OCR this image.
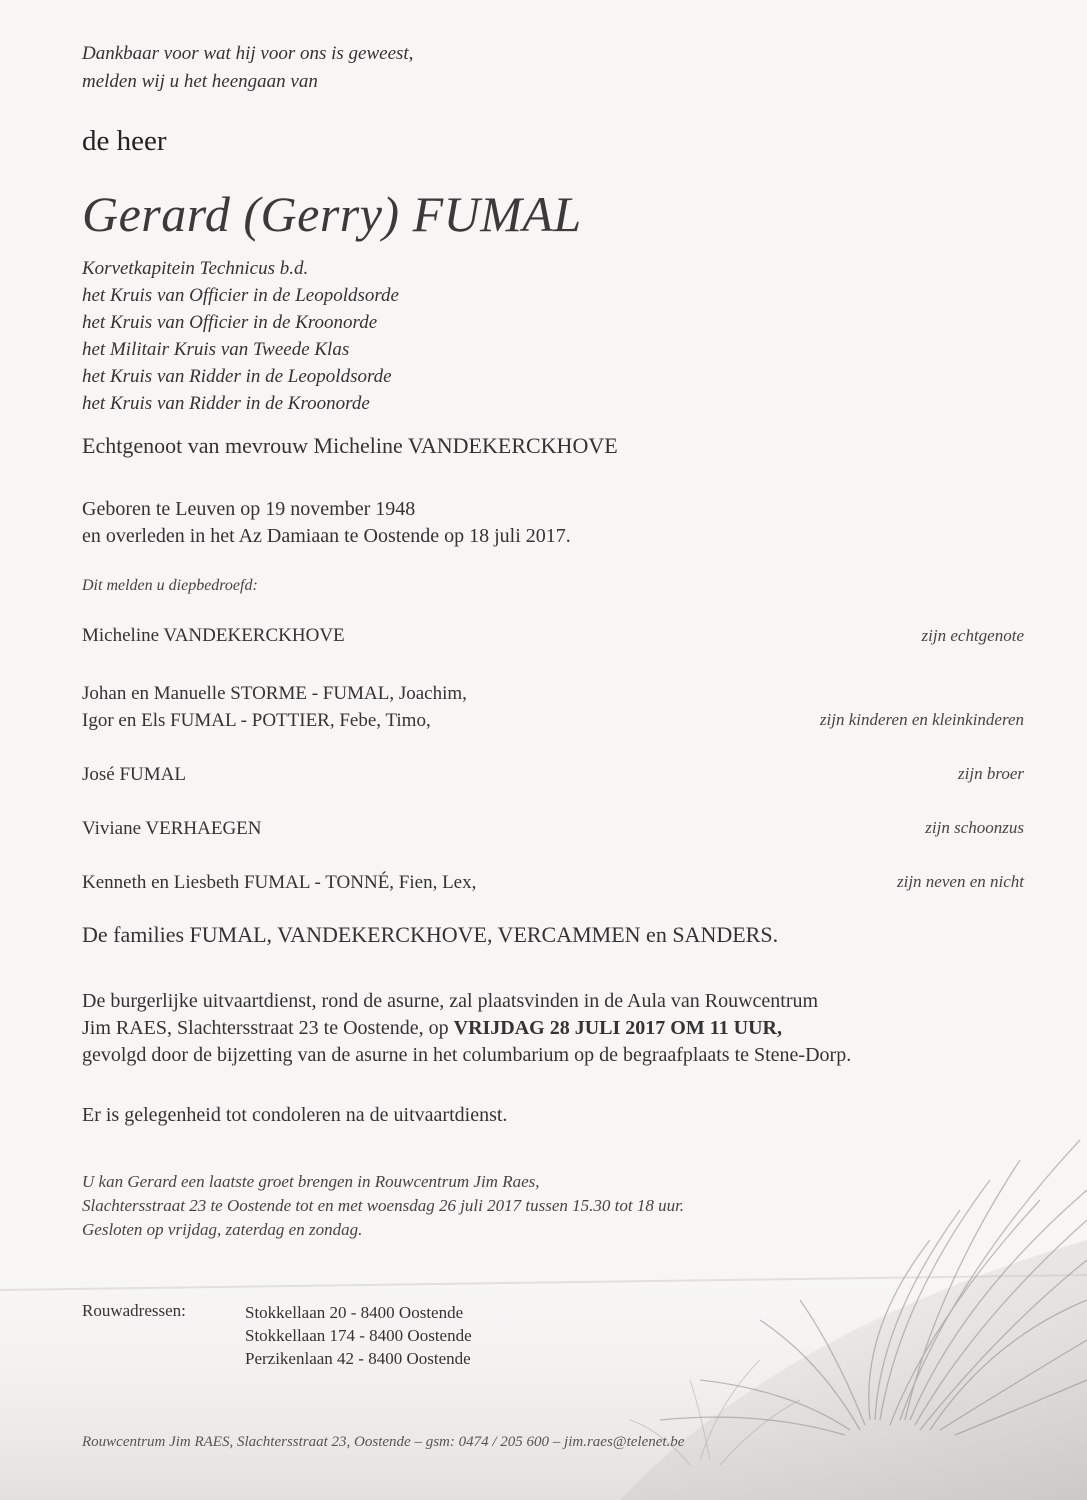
Dankbaar voor wat hij voor ons is geweest,
melden wij u het heengaan van
de heer
Gerard (Gerry) FUMAL
Korvetkapitein Technicus b.d.
het Kruis van Officier in de Leopoldsorde
het Kruis van Officier in de Kroonorde
het Militair Kruis van Tweede Klas
het Kruis van Ridder in de Leopoldsorde
het Kruis van Ridder in de Kroonorde
Echtgenoot van mevrouw Micheline VANDEKERCKHOVE
Geboren te Leuven op 19 november 1948
en overleden in het Az Damiaan te Oostende op 18 juli 2017.
Dit melden u diepbedroefd:
Micheline VANDEKERCKHOVE	zijn echtgenote
Johan en Manuelle STORME - FUMAL, Joachim,
Igor en Els FUMAL - POTTIER, Febe, Timo,	zijn kinderen en kleinkinderen
José FUMAL	zijn broer
Viviane VERHAEGEN	zijn schoonzus
Kenneth en Liesbeth FUMAL - TONNÉ, Fien, Lex,	zijn neven en nicht
De families FUMAL, VANDEKERCKHOVE, VERCAMMEN en SANDERS.
De burgerlijke uitvaartdienst, rond de asurne, zal plaatsvinden in de Aula van Rouwcentrum
Jim RAES, Slachtersstraat 23 te Oostende, op VRIJDAG 28 JULI 2017 OM 11 UUR,
gevolgd door de bijzetting van de asurne in het columbarium op de begraafplaats te Stene-Dorp.
Er is gelegenheid tot condoleren na de uitvaartdienst.
U kan Gerard een laatste groet brengen in Rouwcentrum Jim Raes,
Slachtersstraat 23 te Oostende tot en met woensdag 26 juli 2017 tussen 15.30 tot 18 uur.
Gesloten op vrijdag, zaterdag en zondag.
Rouwadressen:	Stokkellaan 20 - 8400 Oostende
Stokkellaan 174 - 8400 Oostende
Perzikenlaan 42 - 8400 Oostende
Rouwcentrum Jim RAES, Slachtersstraat 23, Oostende – gsm: 0474 / 205 600 – jim.raes@telenet.be
